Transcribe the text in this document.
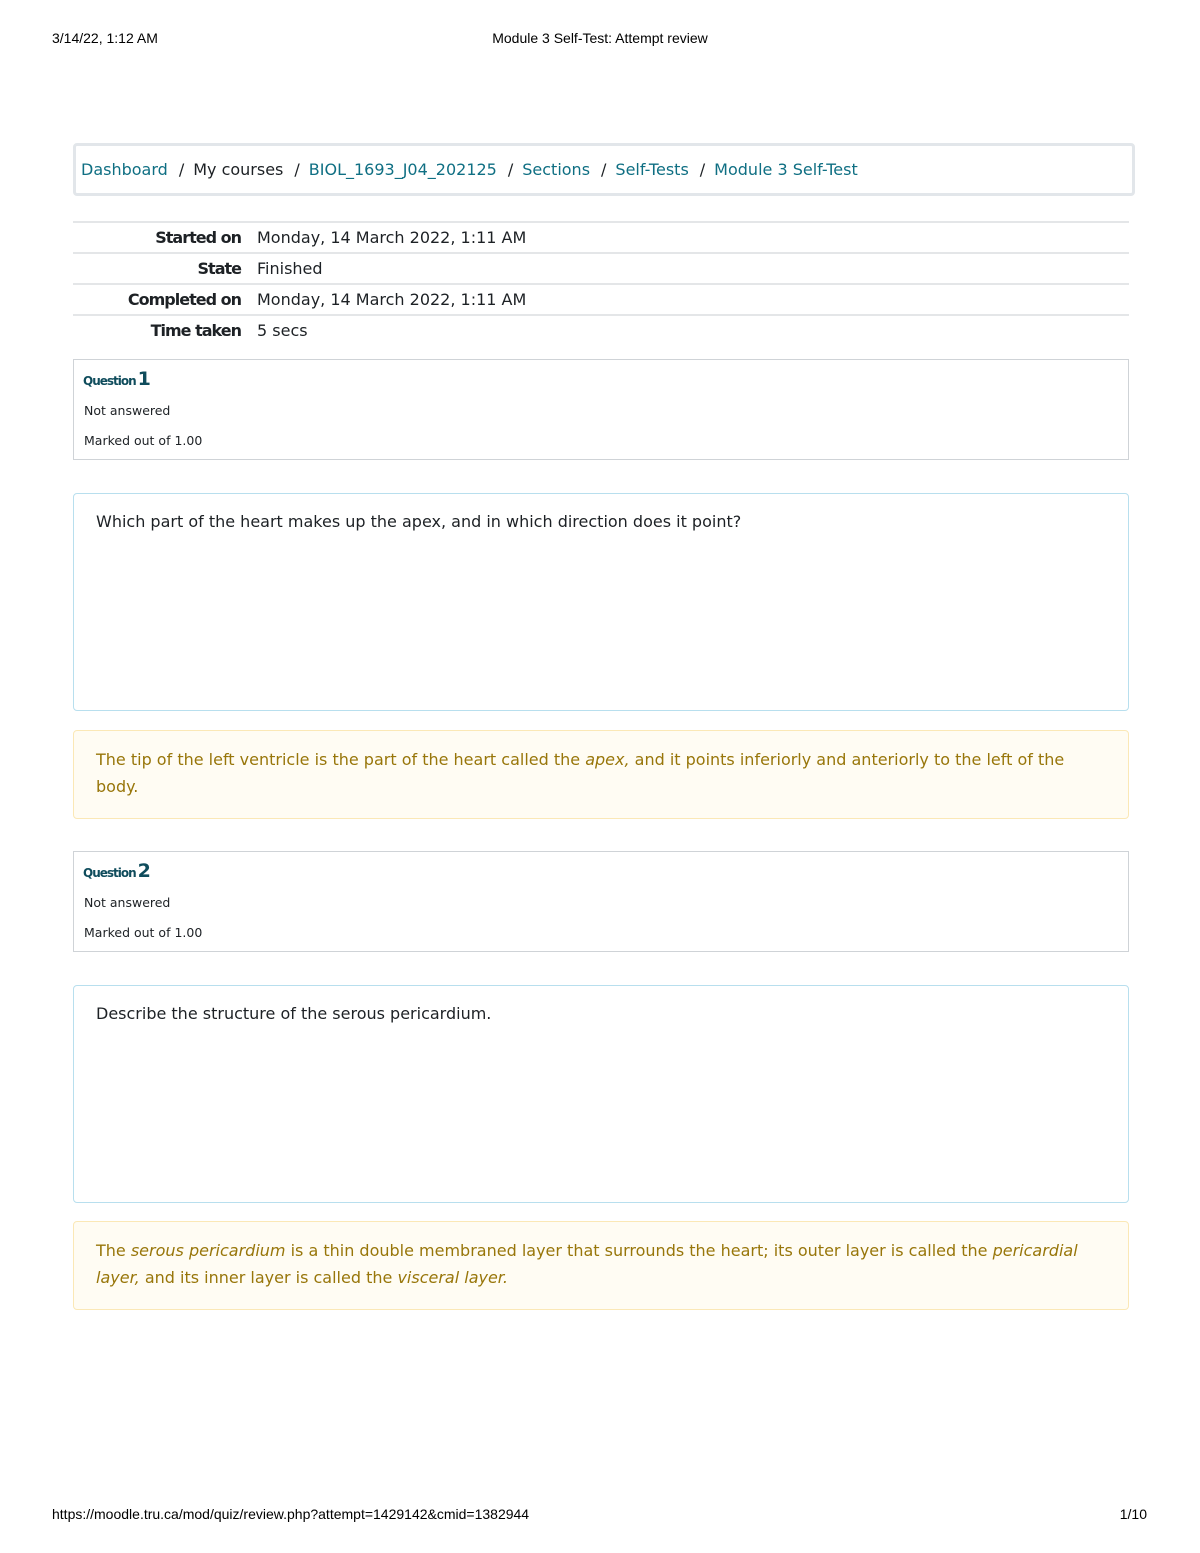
3/14/22, 1:12 AM	Module 3 Self-Test: Attempt review
Dashboard / My courses / BIOL_1693_J04_202125 / Sections / Self-Tests / Module 3 Self-Test
Started on Monday, 14 March 2022, 1:11 AM
State Finished
Completed on Monday, 14 March 2022, 1:11 AM
Time taken 5 secs
Question 1
Not answered
Marked out of 1.00
Which part of the heart makes up the apex, and in which direction does it point?
The tip of the left ventricle is the part of the heart called the apex, and it points inferiorly and anteriorly to the left of the body.
Question 2
Not answered
Marked out of 1.00
Describe the structure of the serous pericardium.
The serous pericardium is a thin double membraned layer that surrounds the heart; its outer layer is called the pericardial layer, and its inner layer is called the visceral layer.
https://moodle.tru.ca/mod/quiz/review.php?attempt=1429142&cmid=1382944	1/10
